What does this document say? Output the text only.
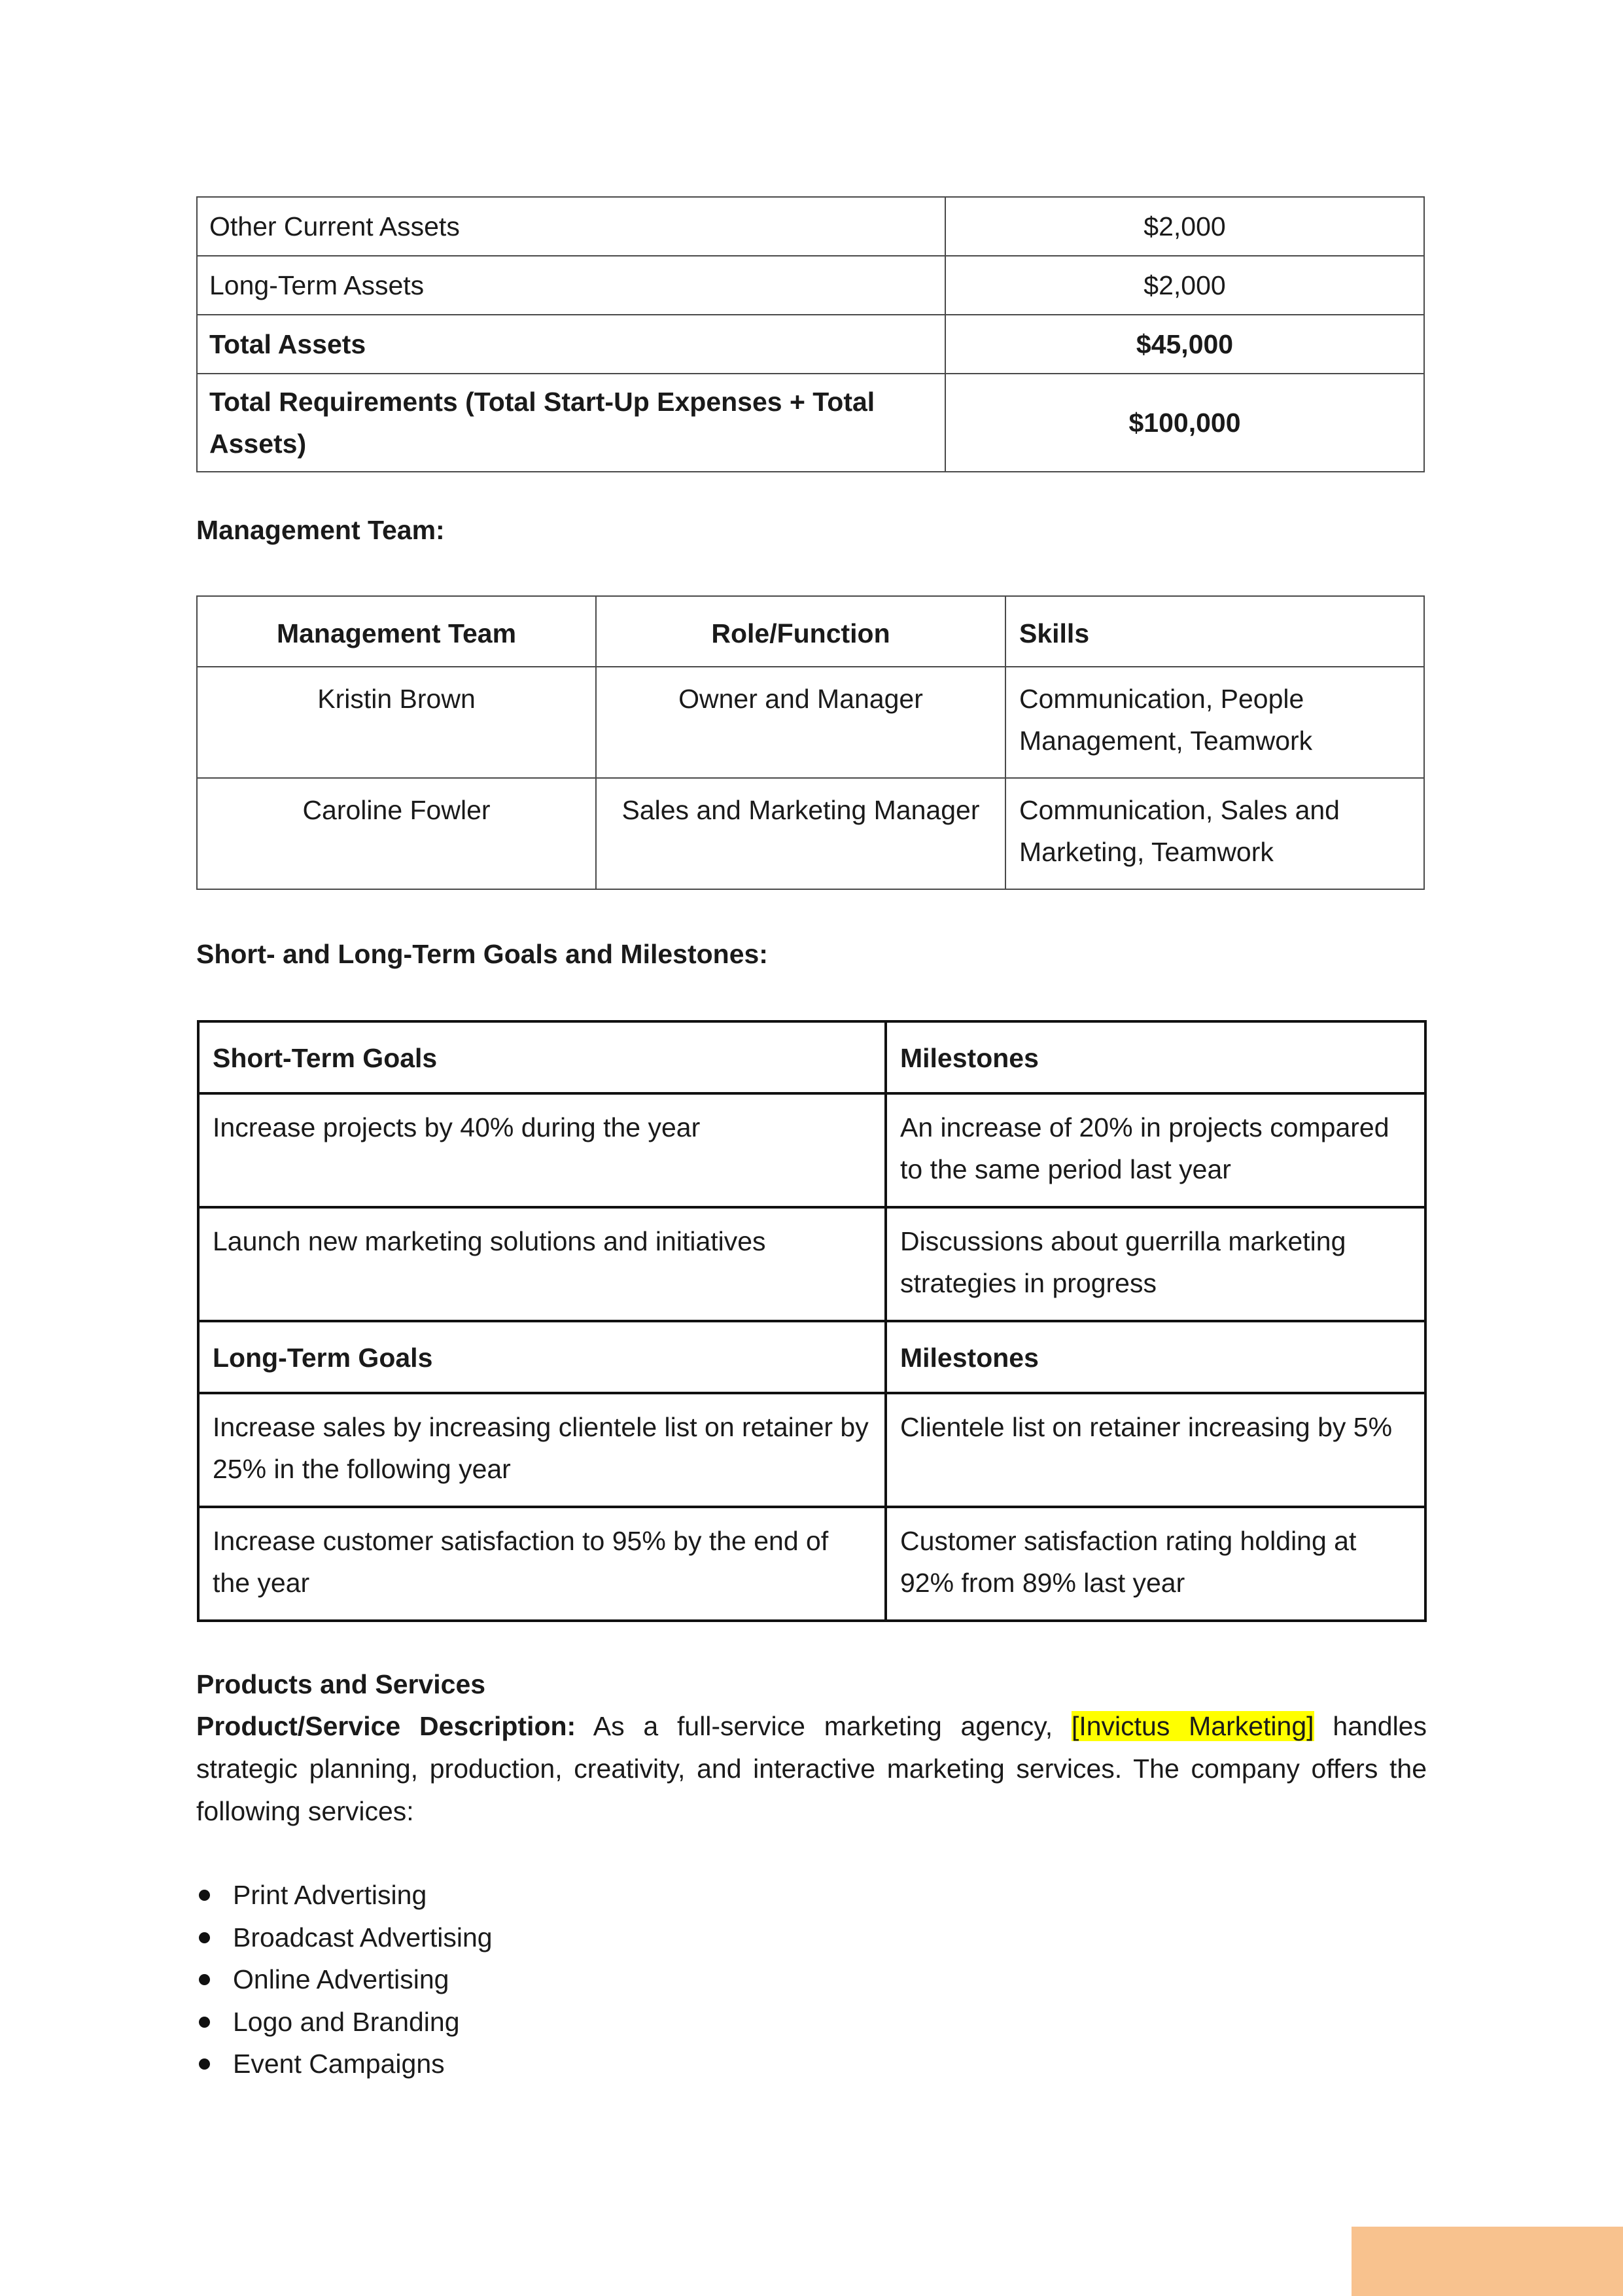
Other Current Assets	$2,000
Long-Term Assets	$2,000
Total Assets	$45,000
Total Requirements (Total Start-Up Expenses + Total Assets)	$100,000

Management Team:

Management Team	Role/Function	Skills
Kristin Brown	Owner and Manager	Communication, People Management, Teamwork
Caroline Fowler	Sales and Marketing Manager	Communication, Sales and Marketing, Teamwork

Short- and Long-Term Goals and Milestones:

Short-Term Goals	Milestones
Increase projects by 40% during the year	An increase of 20% in projects compared to the same period last year
Launch new marketing solutions and initiatives	Discussions about guerrilla marketing strategies in progress
Long-Term Goals	Milestones
Increase sales by increasing clientele list on retainer by 25% in the following year	Clientele list on retainer increasing by 5%
Increase customer satisfaction to 95% by the end of the year	Customer satisfaction rating holding at 92% from 89% last year

Products and Services

Product/Service Description: As a full-service marketing agency, [Invictus Marketing] handles strategic planning, production, creativity, and interactive marketing services. The company offers the following services:

Print Advertising
Broadcast Advertising
Online Advertising
Logo and Branding
Event Campaigns
